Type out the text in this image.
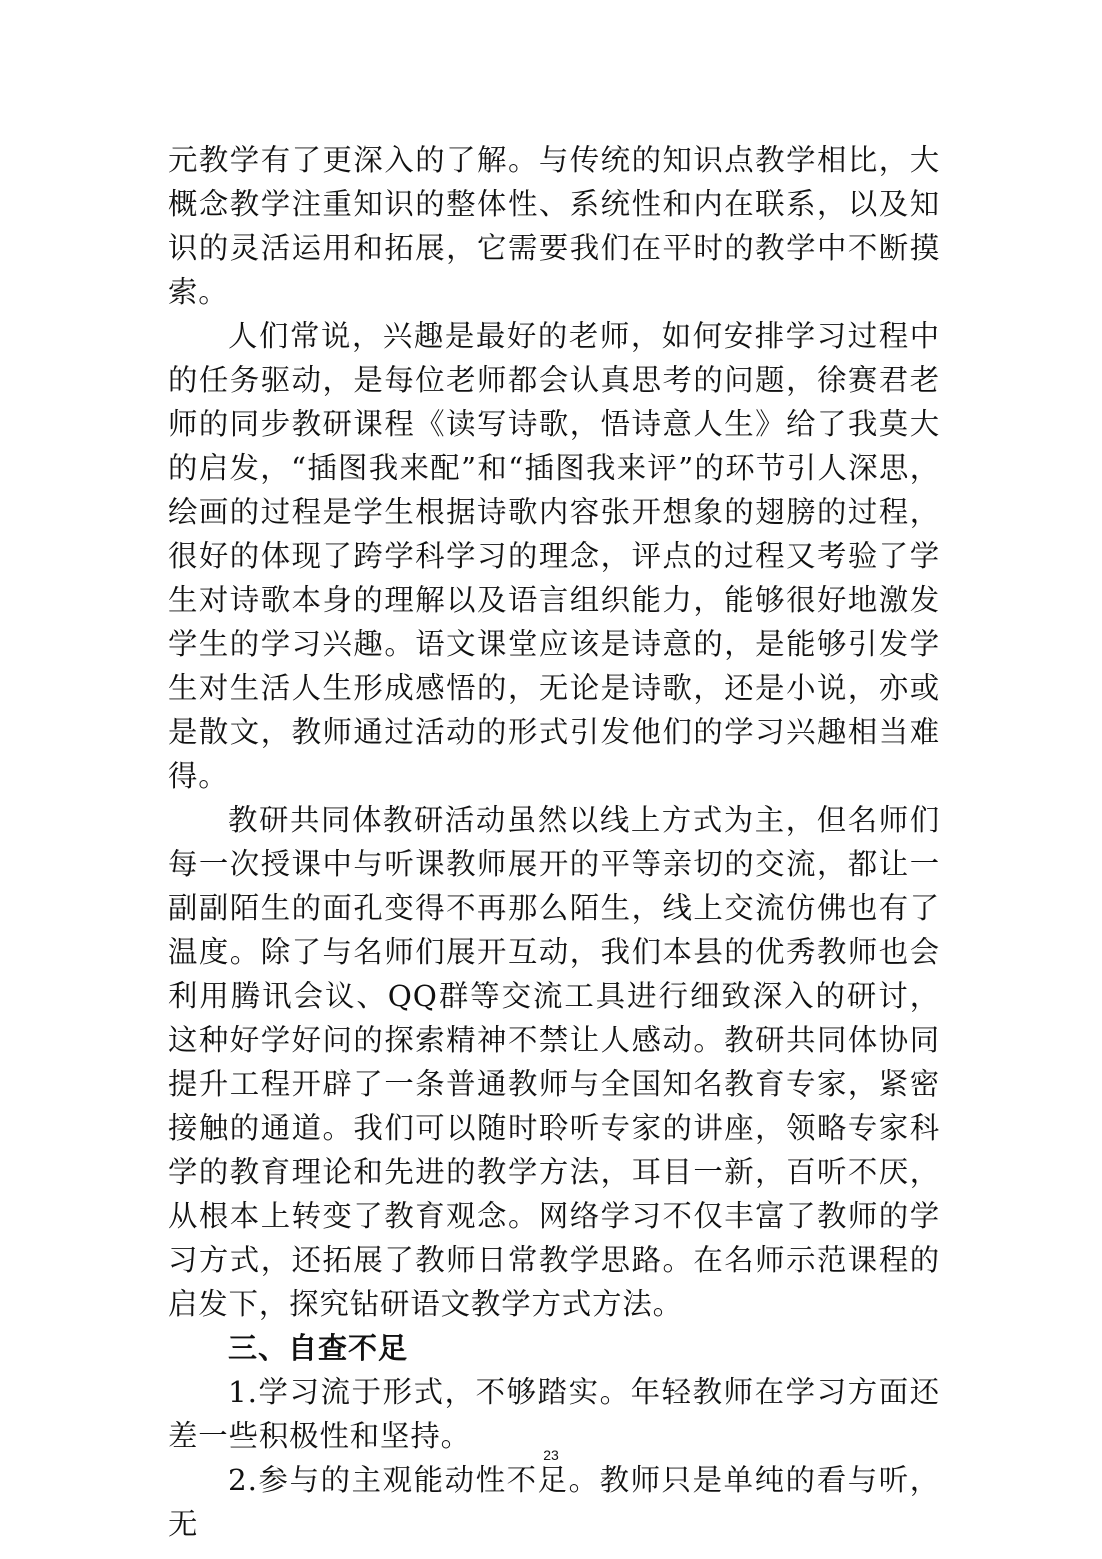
元教学有了更深入的了解。与传统的知识点教学相比，大概念教学注重知识的整体性、系统性和内在联系，以及知识的灵活运用和拓展，它需要我们在平时的教学中不断摸索。

人们常说，兴趣是最好的老师，如何安排学习过程中的任务驱动，是每位老师都会认真思考的问题，徐赛君老师的同步教研课程《读写诗歌，悟诗意人生》给了我莫大的启发，“插图我来配”和“插图我来评”的环节引人深思，绘画的过程是学生根据诗歌内容张开想象的翅膀的过程，很好的体现了跨学科学习的理念，评点的过程又考验了学生对诗歌本身的理解以及语言组织能力，能够很好地激发学生的学习兴趣。语文课堂应该是诗意的，是能够引发学生对生活人生形成感悟的，无论是诗歌，还是小说，亦或是散文，教师通过活动的形式引发他们的学习兴趣相当难得。

教研共同体教研活动虽然以线上方式为主，但名师们每一次授课中与听课教师展开的平等亲切的交流，都让一副副陌生的面孔变得不再那么陌生，线上交流仿佛也有了温度。除了与名师们展开互动，我们本县的优秀教师也会利用腾讯会议、QQ群等交流工具进行细致深入的研讨，这种好学好问的探索精神不禁让人感动。教研共同体协同提升工程开辟了一条普通教师与全国知名教育专家，紧密接触的通道。我们可以随时聆听专家的讲座，领略专家科学的教育理论和先进的教学方法，耳目一新，百听不厌，从根本上转变了教育观念。网络学习不仅丰富了教师的学习方式，还拓展了教师日常教学思路。在名师示范课程的启发下，探究钻研语文教学方式方法。

三、自查不足

1.学习流于形式，不够踏实。年轻教师在学习方面还差一些积极性和坚持。

2.参与的主观能动性不足。教师只是单纯的看与听，无

23
